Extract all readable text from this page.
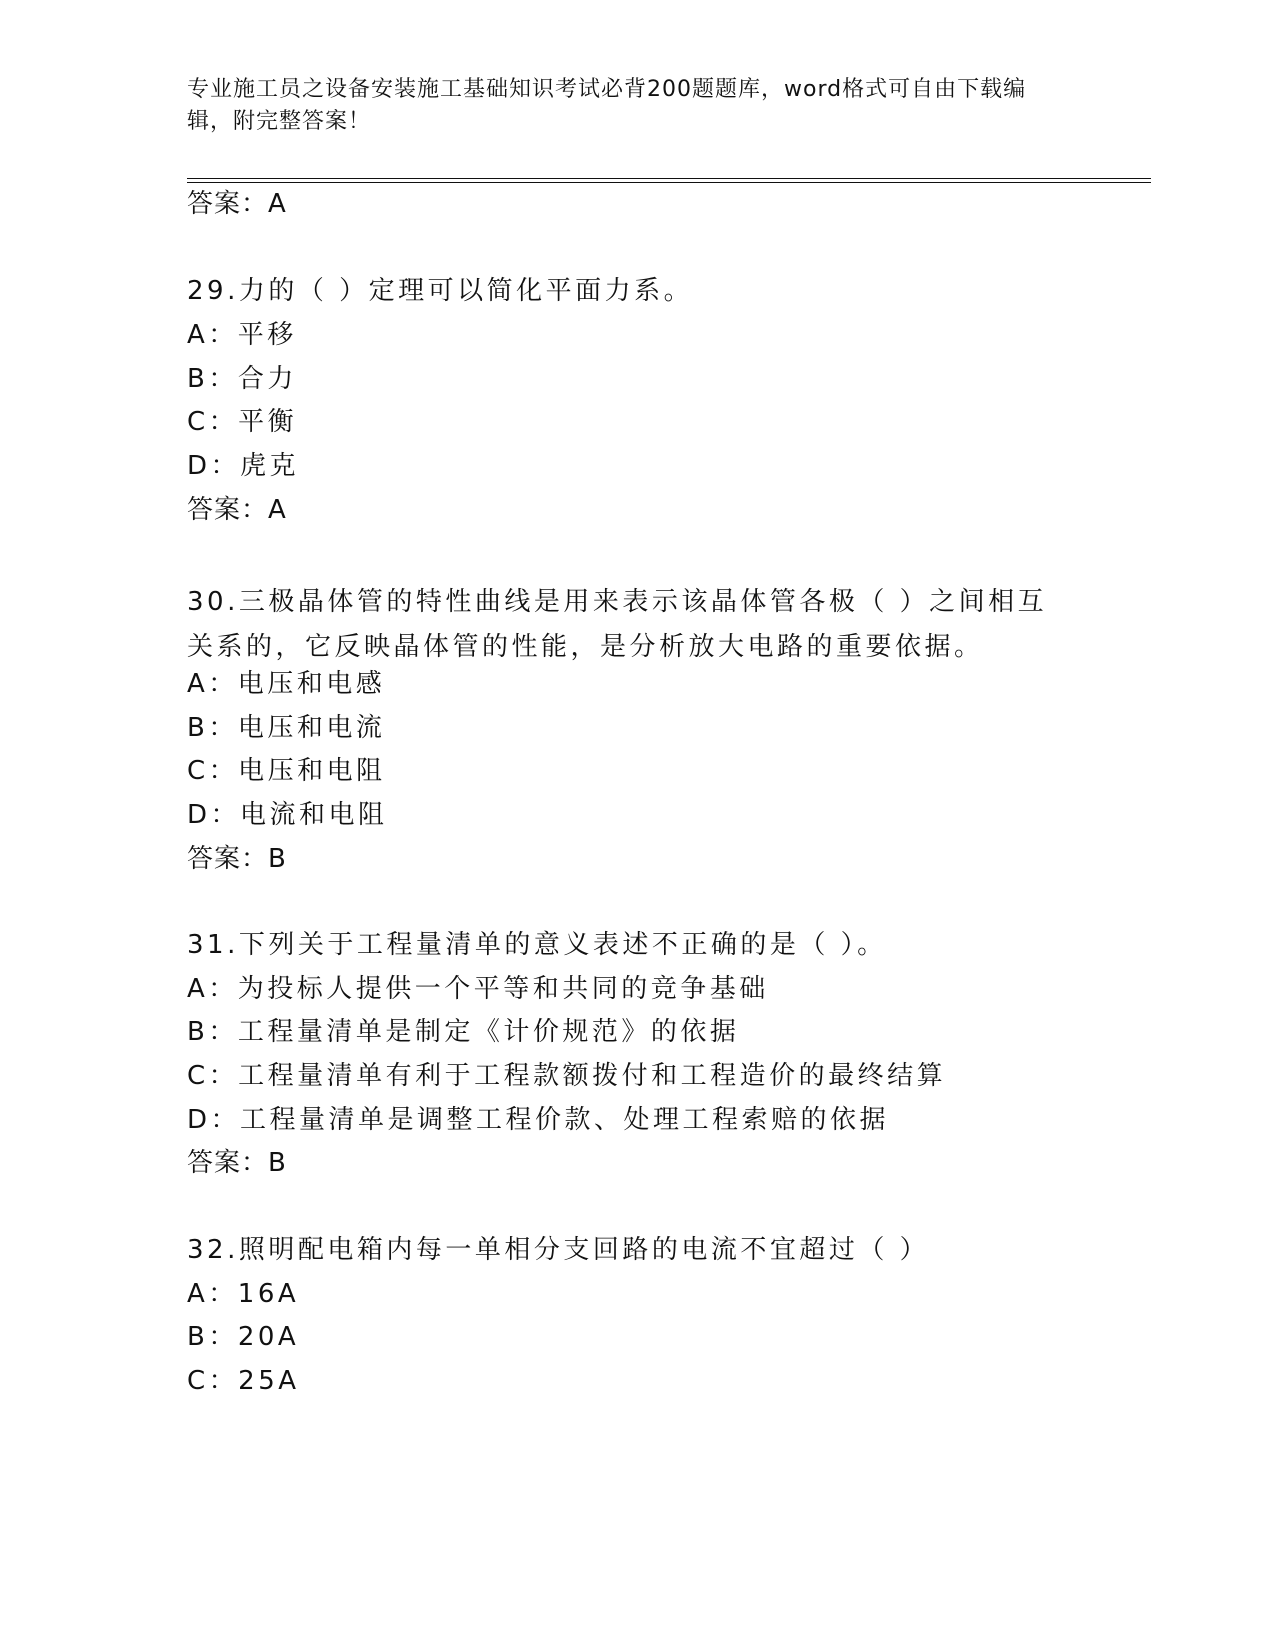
专业施工员之设备安装施工基础知识考试必背200题题库，word格式可自由下载编辑，附完整答案！

答案：A

29.力的（ ）定理可以简化平面力系。

A：平移

B：合力

C：平衡

D：虎克

答案：A

30.三极晶体管的特性曲线是用来表示该晶体管各极（ ）之间相互关系的，它反映晶体管的性能，是分析放大电路的重要依据。

A：电压和电感

B：电压和电流

C：电压和电阻

D：电流和电阻

答案：B

31.下列关于工程量清单的意义表述不正确的是（ ）。

A：为投标人提供一个平等和共同的竞争基础

B：工程量清单是制定《计价规范》的依据

C：工程量清单有利于工程款额拨付和工程造价的最终结算

D：工程量清单是调整工程价款、处理工程索赔的依据

答案：B

32.照明配电箱内每一单相分支回路的电流不宜超过（ ）

A：16A

B：20A

C：25A
